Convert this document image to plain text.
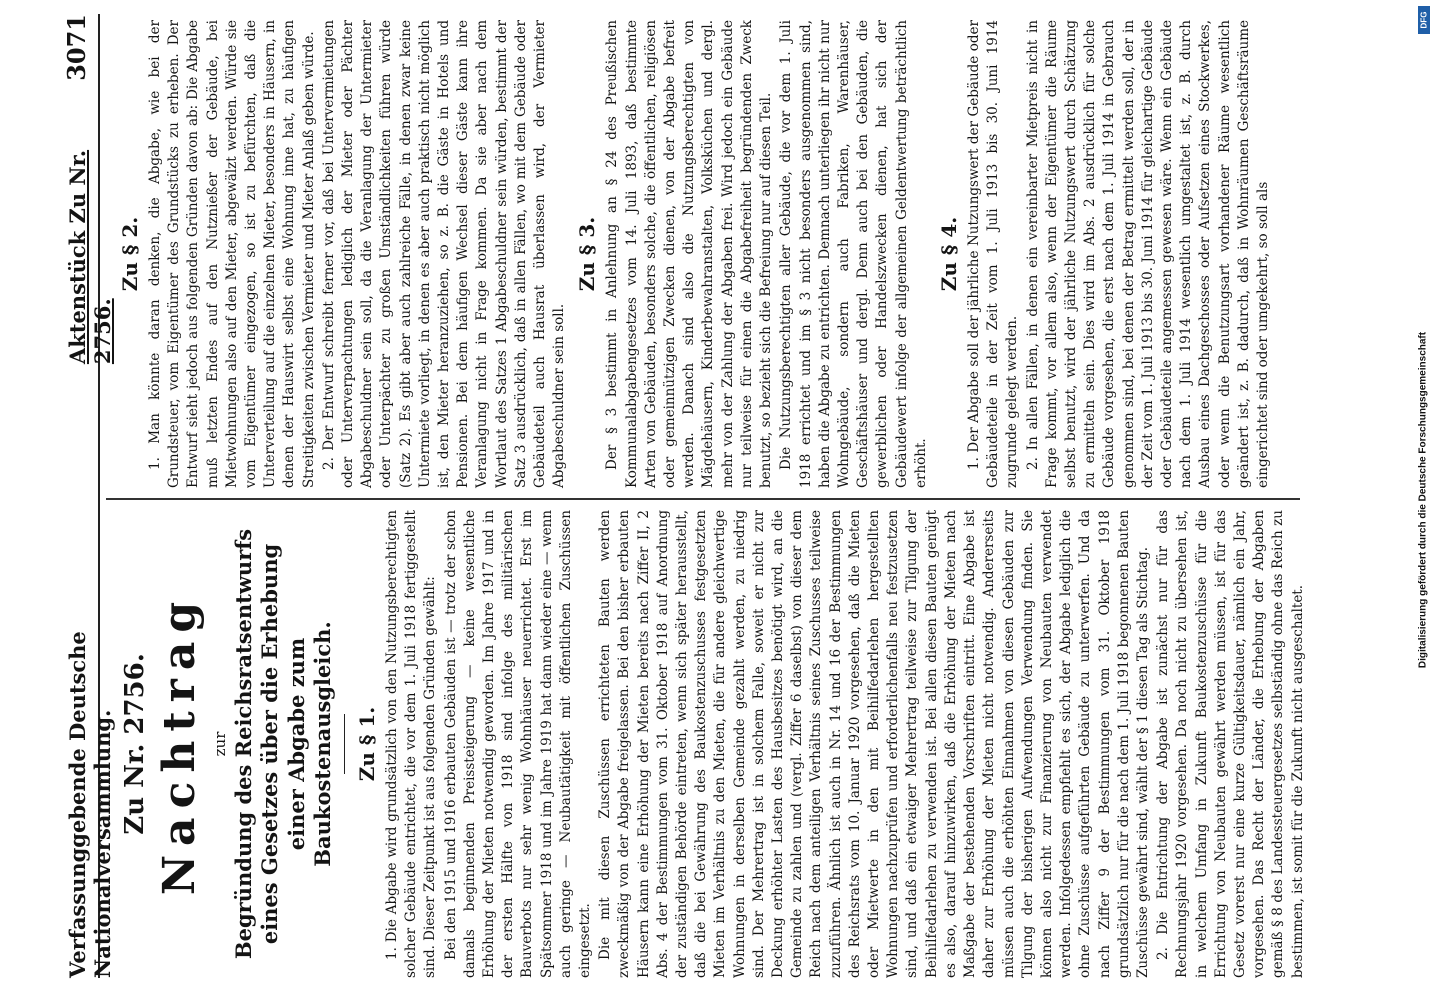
Verfassunggebende Deutsche Nationalversammlung.
Aktenstück Zu Nr. 2756.
3071
Zu Nr. 2756. Nachtrag zur Begründung des Reichsratsentwurfs eines Gesetzes über die Erhebung einer Abgabe zum Baukostenausgleich. Zu § 1. 1. Die Abgabe wird grundsätzlich von den Nutzungsberechtigten solcher Gebäude entrichtet, die vor dem 1. Juli 1918 fertiggestellt sind. Dieser Zeitpunkt ist aus folgenden Gründen gewählt: Bei den 1915 und 1916 erbauten Gebäuden ist — trotz der schon damals beginnenden Preissteigerung — keine wesentliche Erhöhung der Mieten notwendig geworden. Im Jahre 1917 und in der ersten Hälfte von 1918 sind infolge des militärischen Bauverbots nur sehr wenig Wohnhäuser neuerrichtet. Erst im Spätsommer 1918 und im Jahre 1919 hat dann wieder eine — wenn auch geringe — Neubautätigkeit mit öffentlichen Zuschüssen eingesetzt. Die mit diesen Zuschüssen errichteten Bauten werden zweckmäßig von der Abgabe freigelassen. Bei den bisher erbauten Häusern kann eine Erhöhung der Mieten bereits nach Ziffer II, 2 Abs. 4 der Bestimmungen vom 31. Oktober 1918 auf Anordnung der zuständigen Behörde eintreten, wenn sich später herausstellt, daß die bei Gewährung des Baukostenzuschusses festgesetzten Mieten im Verhältnis zu den Mieten, die für andere gleichwertige Wohnungen in derselben Gemeinde gezahlt werden, zu niedrig sind. Der Mehrertrag ist in solchem Falle, soweit er nicht zur Deckung erhöhter Lasten des Hausbesitzes benötigt wird, an die Gemeinde zu zahlen und (vergl. Ziffer 6 daselbst) von dieser dem Reich nach dem anteiligen Verhältnis seines Zuschusses teilweise zuzuführen. Ähnlich ist auch in Nr. 14 und 16 der Bestimmungen des Reichsrats vom 10. Januar 1920 vorgesehen, daß die Mieten oder Mietwerte in den mit Beihilfedarlehen hergestellten Wohnungen nachzuprüfen und erforderlichenfalls neu festzusetzen sind, und daß ein etwaiger Mehrertrag teilweise zur Tilgung der Beihilfedarlehen zu verwenden ist. Bei allen diesen Bauten genügt es also, darauf hinzuwirken, daß die Erhöhung der Mieten nach Maßgabe der bestehenden Vorschriften eintritt. Eine Abgabe ist daher zur Erhöhung der Mieten nicht notwendig. Andererseits müssen auch die erhöhten Einnahmen von diesen Gebäuden zur Tilgung der bisherigen Aufwendungen Verwendung finden. Sie können also nicht zur Finanzierung von Neubauten verwendet werden. Infolgedessen empfiehlt es sich, der Abgabe lediglich die ohne Zuschüsse aufgeführten Gebäude zu unterwerfen. Und da nach Ziffer 9 der Bestimmungen vom 31. Oktober 1918 grundsätzlich nur für die nach dem 1. Juli 1918 begonnenen Bauten Zuschüsse gewährt sind, wählt der § 1 diesen Tag als Stichtag. 2. Die Entrichtung der Abgabe ist zunächst nur für das Rechnungsjahr 1920 vorgesehen. Da noch nicht zu übersehen ist, in welchem Umfang in Zukunft Baukostenzuschüsse für die Errichtung von Neubauten gewährt werden müssen, ist für das Gesetz vorerst nur eine kurze Gültigkeitsdauer, nämlich ein Jahr, vorgesehen. Das Recht der Länder, die Erhebung der Abgaben gemäß § 8 des Landessteuergesetzes selbständig ohne das Reich zu bestimmen, ist somit für die Zukunft nicht ausgeschaltet.

Zu § 2. 1. Man könnte daran denken, die Abgabe, wie bei der Grundsteuer, vom Eigentümer des Grundstücks zu erheben. Der Entwurf sieht jedoch aus folgenden Gründen davon ab: Die Abgabe muß letzten Endes auf den Nutznießer der Gebäude, bei Mietwohnungen also auf den Mieter, abgewälzt werden. Würde sie vom Eigentümer eingezogen, so ist zu befürchten, daß die Unterverteilung auf die einzelnen Mieter, besonders in Häusern, in denen der Hauswirt selbst eine Wohnung inne hat, zu häufigen Streitigkeiten zwischen Vermieter und Mieter Anlaß geben würde. 2. Der Entwurf schreibt ferner vor, daß bei Untervermietungen oder Unterverpachtungen lediglich der Mieter oder Pächter Abgabeschuldner sein soll, da die Veranlagung der Untermieter oder Unterpächter zu großen Umständlichkeiten führen würde (Satz 2). Es gibt aber auch zahlreiche Fälle, in denen zwar keine Untermiete vorliegt, in denen es aber auch praktisch nicht möglich ist, den Mieter heranzuziehen, so z. B. die Gäste in Hotels und Pensionen. Bei dem häufigen Wechsel dieser Gäste kann ihre Veranlagung nicht in Frage kommen. Da sie aber nach dem Wortlaut des Satzes 1 Abgabeschuldner sein würden, bestimmt der Satz 3 ausdrücklich, daß in allen Fällen, wo mit dem Gebäude oder Gebäudeteil auch Hausrat überlassen wird, der Vermieter Abgabeschuldner sein soll.

Zu § 3. Der § 3 bestimmt in Anlehnung an § 24 des Preußischen Kommunalabgabengesetzes vom 14. Juli 1893, daß bestimmte Arten von Gebäuden, besonders solche, die öffentlichen, religiösen oder gemeinnützigen Zwecken dienen, von der Abgabe befreit werden. Danach sind also die Nutzungsberechtigten von Mägdehäusern, Kinderbewahranstalten, Volksküchen und dergl. mehr von der Zahlung der Abgaben frei. Wird jedoch ein Gebäude nur teilweise für einen die Abgabefreiheit begründenden Zweck benutzt, so bezieht sich die Befreiung nur auf diesen Teil. Die Nutzungsberechtigten aller Gebäude, die vor dem 1. Juli 1918 errichtet und im § 3 nicht besonders ausgenommen sind, haben die Abgabe zu entrichten. Demnach unterliegen ihr nicht nur Wohngebäude, sondern auch Fabriken, Warenhäuser, Geschäftshäuser und dergl. Denn auch bei den Gebäuden, die gewerblichen oder Handelszwecken dienen, hat sich der Gebäudewert infolge der allgemeinen Geldentwertung beträchtlich erhöht.

Zu § 4. 1. Der Abgabe soll der jährliche Nutzungswert der Gebäude oder Gebäudeteile in der Zeit vom 1. Juli 1913 bis 30. Juni 1914 zugrunde gelegt werden. 2. In allen Fällen, in denen ein vereinbarter Mietpreis nicht in Frage kommt, vor allem also, wenn der Eigentümer die Räume selbst benutzt, wird der jährliche Nutzungswert durch Schätzung zu ermitteln sein. Dies wird im Abs. 2 ausdrücklich für solche Gebäude vorgesehen, die erst nach dem 1. Juli 1914 in Gebrauch genommen sind, bei denen der Betrag ermittelt werden soll, der in der Zeit vom 1. Juli 1913 bis 30. Juni 1914 für gleichartige Gebäude oder Gebäudeteile angemessen gewesen wäre. Wenn ein Gebäude nach dem 1. Juli 1914 wesentlich umgestaltet ist, z. B. durch Ausbau eines Dachgeschosses oder Aufsetzen eines Stockwerkes, oder wenn die Benutzungsart vorhandener Räume wesentlich geändert ist, z. B. dadurch, daß in Wohnräumen Geschäftsräume eingerichtet sind oder umgekehrt, so soll als

DFG
Digitalisierung gefördert durch die Deutsche Forschungsgemeinschaft
